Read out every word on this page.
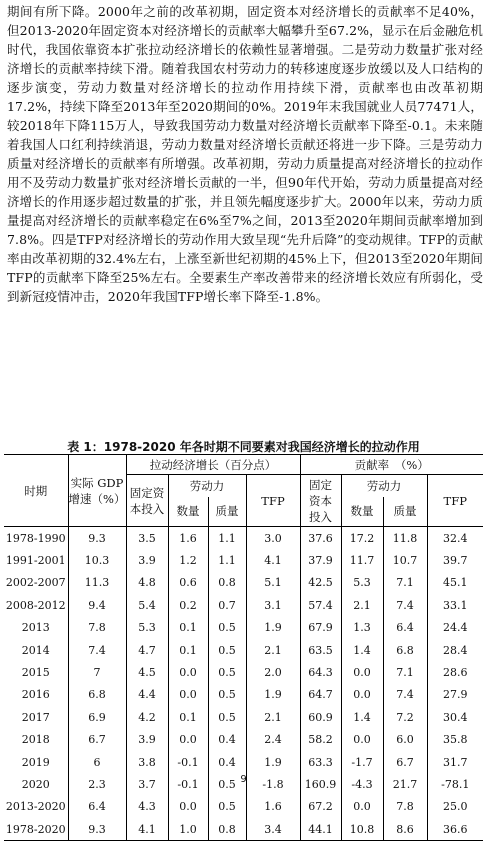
期间有所下降。2000年之前的改革初期，固定资本对经济增长的贡献率不足40%，但2013-2020年固定资本对经济增长的贡献率大幅攀升至67.2%，显示在后金融危机时代，我国依靠资本扩张拉动经济增长的依赖性显著增强。二是劳动力数量扩张对经济增长的贡献率持续下滑。随着我国农村劳动力的转移速度逐步放缓以及人口结构的逐步演变，劳动力数量对经济增长的拉动作用持续下滑，贡献率也由改革初期17.2%，持续下降至2013年至2020期间的0%。2019年末我国就业人员77471人，较2018年下降115万人，导致我国劳动力数量对经济增长贡献率下降至-0.1。未来随着我国人口红利持续消退，劳动力数量对经济增长贡献还将进一步下降。三是劳动力质量对经济增长的贡献率有所增强。改革初期，劳动力质量提高对经济增长的拉动作用不及劳动力数量扩张对经济增长贡献的一半，但90年代开始，劳动力质量提高对经济增长的作用逐步超过数量的扩张，并且领先幅度逐步扩大。2000年以来，劳动力质量提高对经济增长的贡献率稳定在6%至7%之间，2013至2020年期间贡献率增加到7.8%。四是TFP对经济增长的劳动作用大致呈现“先升后降”的变动规律。TFP的贡献率由改革初期的32.4%左右，上涨至新世纪初期的45%上下，但2013至2020年期间TFP的贡献率下降至25%左右。全要素生产率改善带来的经济增长效应有所弱化，受到新冠疫情冲击，2020年我国TFP增长率下降至-1.8%。

表 1：1978-2020 年各时期不同要素对我国经济增长的拉动作用

时期	实际 GDP
增速（%）	拉动经济增长（百分点）				贡献率　（%）			
		固定资
本投入	劳动力		TFP	固定
资本
投入	劳动力		TFP
			数量	质量			数量	质量	
1978-1990	9.3	3.5	1.6	1.1	3.0	37.6	17.2	11.8	32.4
1991-2001	10.3	3.9	1.2	1.1	4.1	37.9	11.7	10.7	39.7
2002-2007	11.3	4.8	0.6	0.8	5.1	42.5	5.3	7.1	45.1
2008-2012	9.4	5.4	0.2	0.7	3.1	57.4	2.1	7.4	33.1
2013	7.8	5.3	0.1	0.5	1.9	67.9	1.3	6.4	24.4
2014	7.4	4.7	0.1	0.5	2.1	63.5	1.4	6.8	28.4
2015	7	4.5	0.0	0.5	2.0	64.3	0.0	7.1	28.6
2016	6.8	4.4	0.0	0.5	1.9	64.7	0.0	7.4	27.9
2017	6.9	4.2	0.1	0.5	2.1	60.9	1.4	7.2	30.4
2018	6.7	3.9	0.0	0.4	2.4	58.2	0.0	6.0	35.8
2019	6	3.8	-0.1	0.4	1.9	63.3	-1.7	6.7	31.7
2020	2.3	3.7	-0.1	0.5	-1.8	160.9	-4.3	21.7	-78.1
2013-2020	6.4	4.3	0.0	0.5	1.6	67.2	0.0	7.8	25.0
1978-2020	9.3	4.1	1.0	0.8	3.4	44.1	10.8	8.6	36.6
9
